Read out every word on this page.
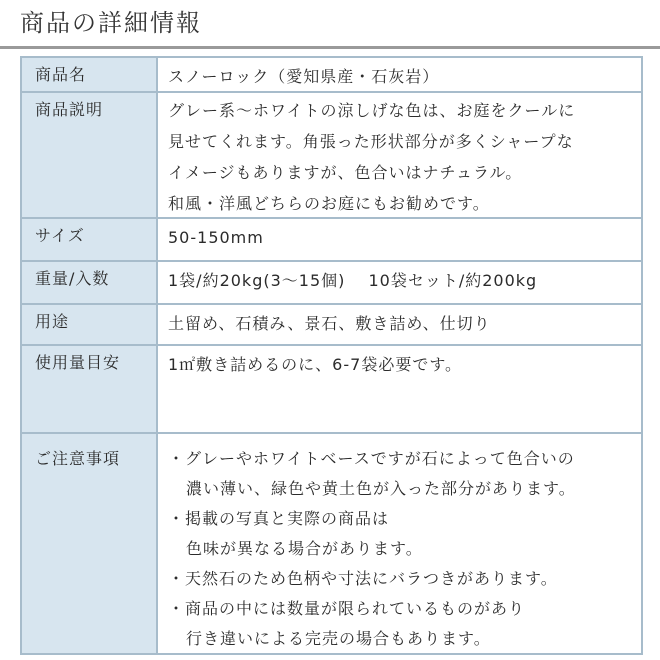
商品の詳細情報
商品名	スノーロック（愛知県産・石灰岩）
商品説明	グレー系〜ホワイトの涼しげな色は、お庭をクールに
見せてくれます。角張った形状部分が多くシャープな
イメージもありますが、色合いはナチュラル。
和風・洋風どちらのお庭にもお勧めです。
サイズ	50-150mm
重量/入数	1袋/約20kg(3〜15個)　 10袋セット/約200kg
用途	土留め、石積み、景石、敷き詰め、仕切り
使用量目安	1㎡敷き詰めるのに、6-7袋必要です。
ご注意事項	・グレーやホワイトベースですが石によって色合いの
濃い薄い、緑色や黄土色が入った部分があります。
・掲載の写真と実際の商品は
色味が異なる場合があります。
・天然石のため色柄や寸法にバラつきがあります。
・商品の中には数量が限られているものがあり
行き違いによる完売の場合もあります。
